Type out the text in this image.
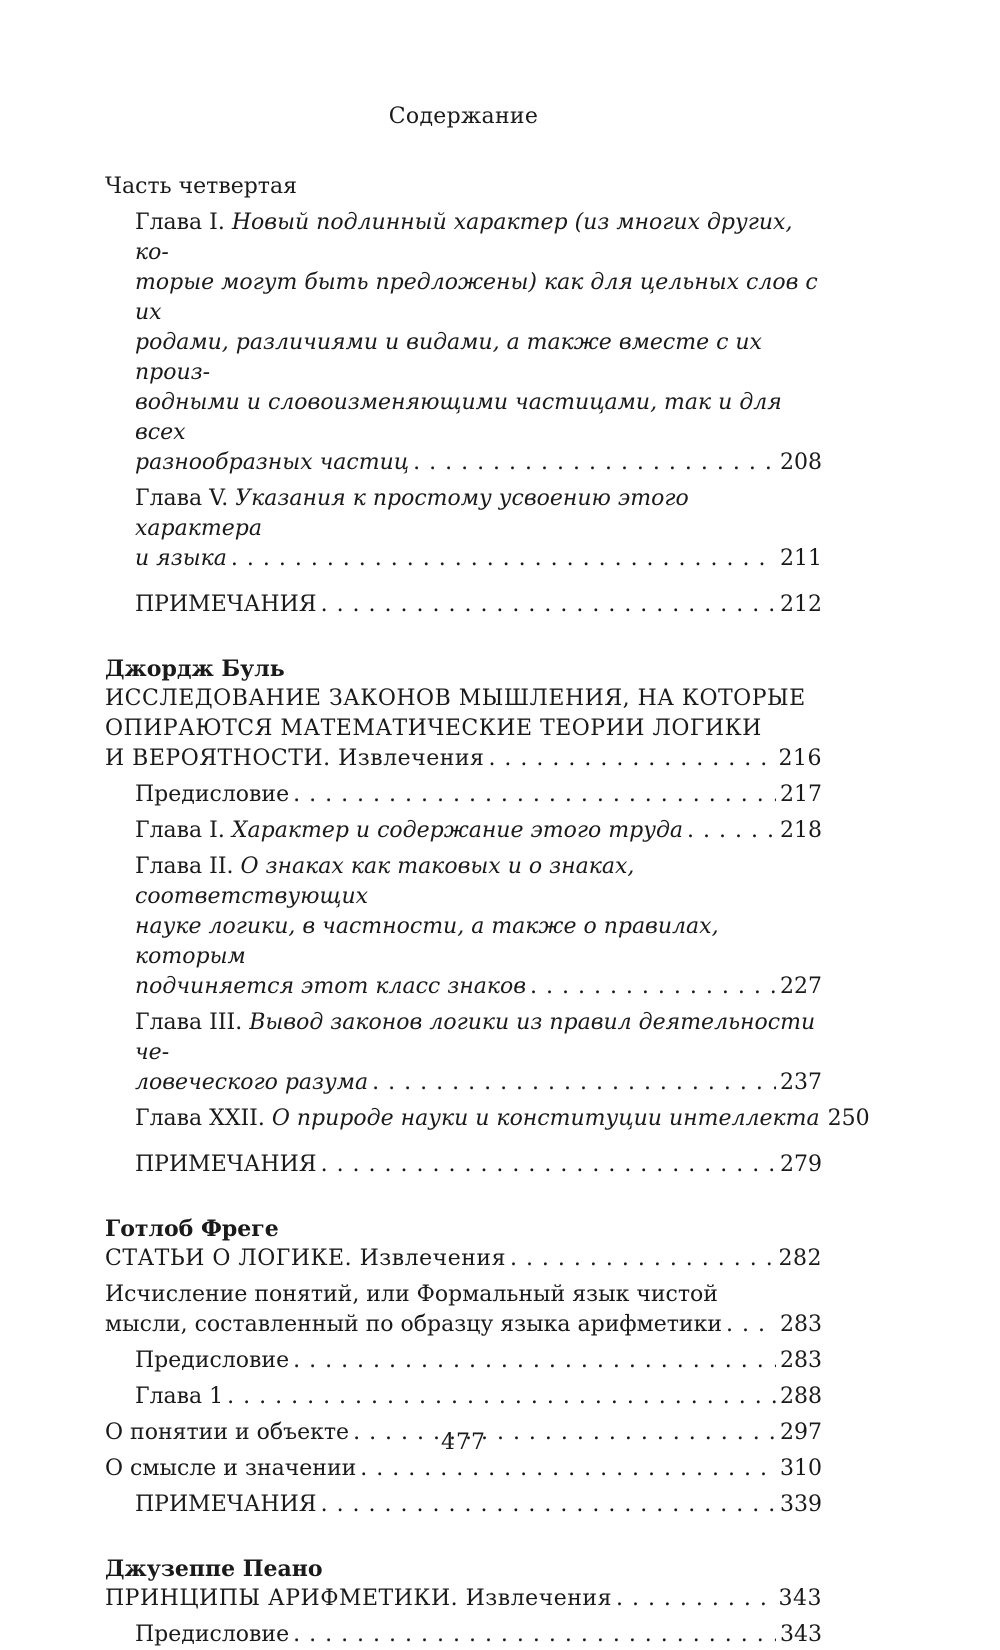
Содержание
Часть четвертая
Глава I. Новый подлинный характер (из многих других, ко-
торые могут быть предложены) как для цельных слов с их
родами, различиями и видами, а также вместе с их произ-
водными и словоизменяющими частицами, так и для всех
разнообразных частиц . . .	208
Глава V. Указания к простому усвоению этого характера
и языка . . .	211
ПРИМЕЧАНИЯ . . .	212
Джордж Буль
ИССЛЕДОВАНИЕ ЗАКОНОВ МЫШЛЕНИЯ, НА КОТОРЫЕ
ОПИРАЮТСЯ МАТЕМАТИЧЕСКИЕ ТЕОРИИ ЛОГИКИ
И ВЕРОЯТНОСТИ. Извлечения . . .	216
Предисловие . . .	217
Глава I. Характер и содержание этого труда . . .	218
Глава II. О знаках как таковых и о знаках, соответствующих
науке логики, в частности, а также о правилах, которым
подчиняется этот класс знаков . . .	227
Глава III. Вывод законов логики из правил деятельности че-
ловеческого разума . . .	237
Глава XXII. О природе науки и конституции интеллекта 250
ПРИМЕЧАНИЯ . . .	279
Готлоб Фреге
СТАТЬИ О ЛОГИКЕ. Извлечения . . .	282
Исчисление понятий, или Формальный язык чистой
мысли, составленный по образцу языка арифметики . . .	283
Предисловие . . .	283
Глава 1 . . .	288
О понятии и объекте . . .	297
О смысле и значении . . .	310
ПРИМЕЧАНИЯ . . .	339
Джузеппе Пеано
ПРИНЦИПЫ АРИФМЕТИКИ. Извлечения . . .	343
Предисловие . . .	343
477
